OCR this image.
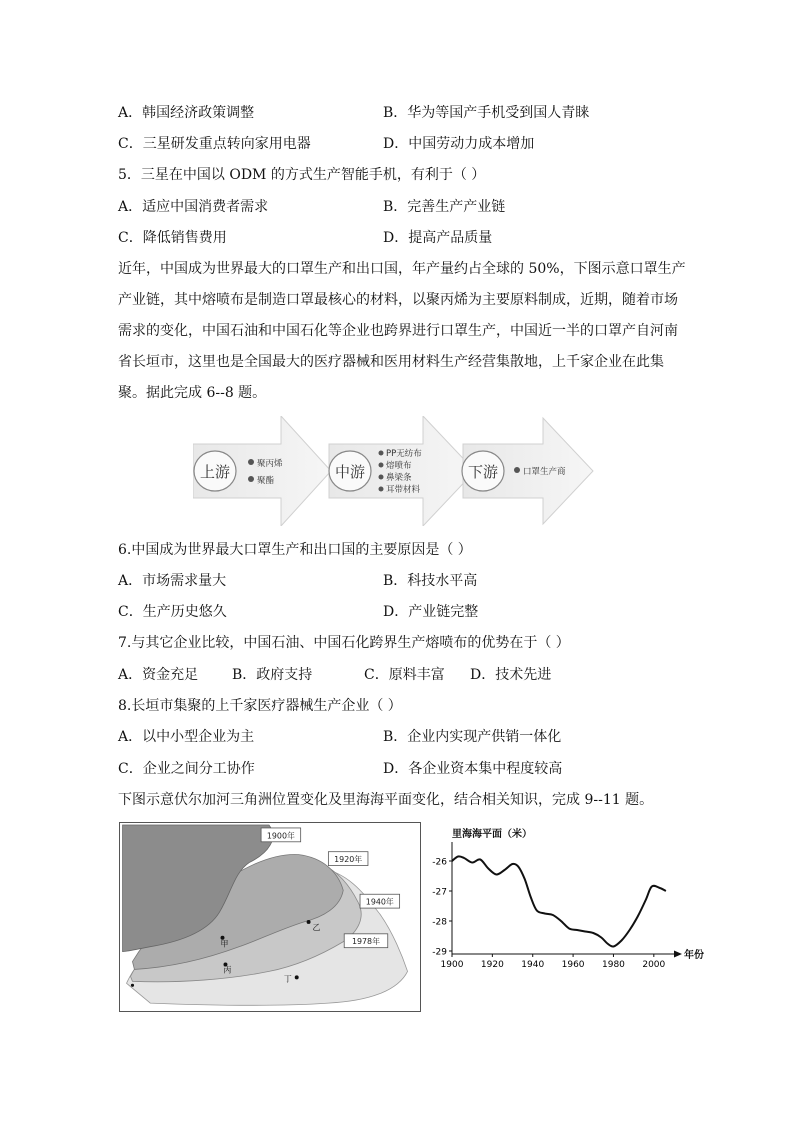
A．韩国经济政策调整	B．华为等国产手机受到国人青睐
C．三星研发重点转向家用电器	D．中国劳动力成本增加
5．三星在中国以 ODM 的方式生产智能手机，有利于（ ）
A．适应中国消费者需求	B．完善生产产业链
C．降低销售费用	D．提高产品质量
近年，中国成为世界最大的口罩生产和出口国，年产量约占全球的 50%，下图示意口罩生产产业链，其中熔喷布是制造口罩最核心的材料，以聚丙烯为主要原料制成，近期，随着市场需求的变化，中国石油和中国石化等企业也跨界进行口罩生产，中国近一半的口罩产自河南省长垣市，这里也是全国最大的医疗器械和医用材料生产经营集散地，上千家企业在此集聚。据此完成 6--8 题。
上游	聚丙烯
聚酯	中游
PP无纺布
熔喷布
鼻梁条
耳带材料
下游	口罩生产商
6.中国成为世界最大口罩生产和出口国的主要原因是（ ）
A．市场需求量大	B．科技水平高
C．生产历史悠久	D．产业链完整
7.与其它企业比较，中国石油、中国石化跨界生产熔喷布的优势在于（ ）
A．资金充足 B．政府支持	C．原料丰富 D．技术先进
8.长垣市集聚的上千家医疗器械生产企业（ ）
A．以中小型企业为主	B．企业内实现产供销一体化
C．企业之间分工协作	D．各企业资本集中程度较高
下图示意伏尔加河三角洲位置变化及里海海平面变化，结合相关知识，完成 9--11 题。
1900年
1920年
1940年
1978年
甲
乙
丙
丁
里海海平面（米）
年份
-26
-27
-28
-29
1900 1920 1940 1960 1980 2000
